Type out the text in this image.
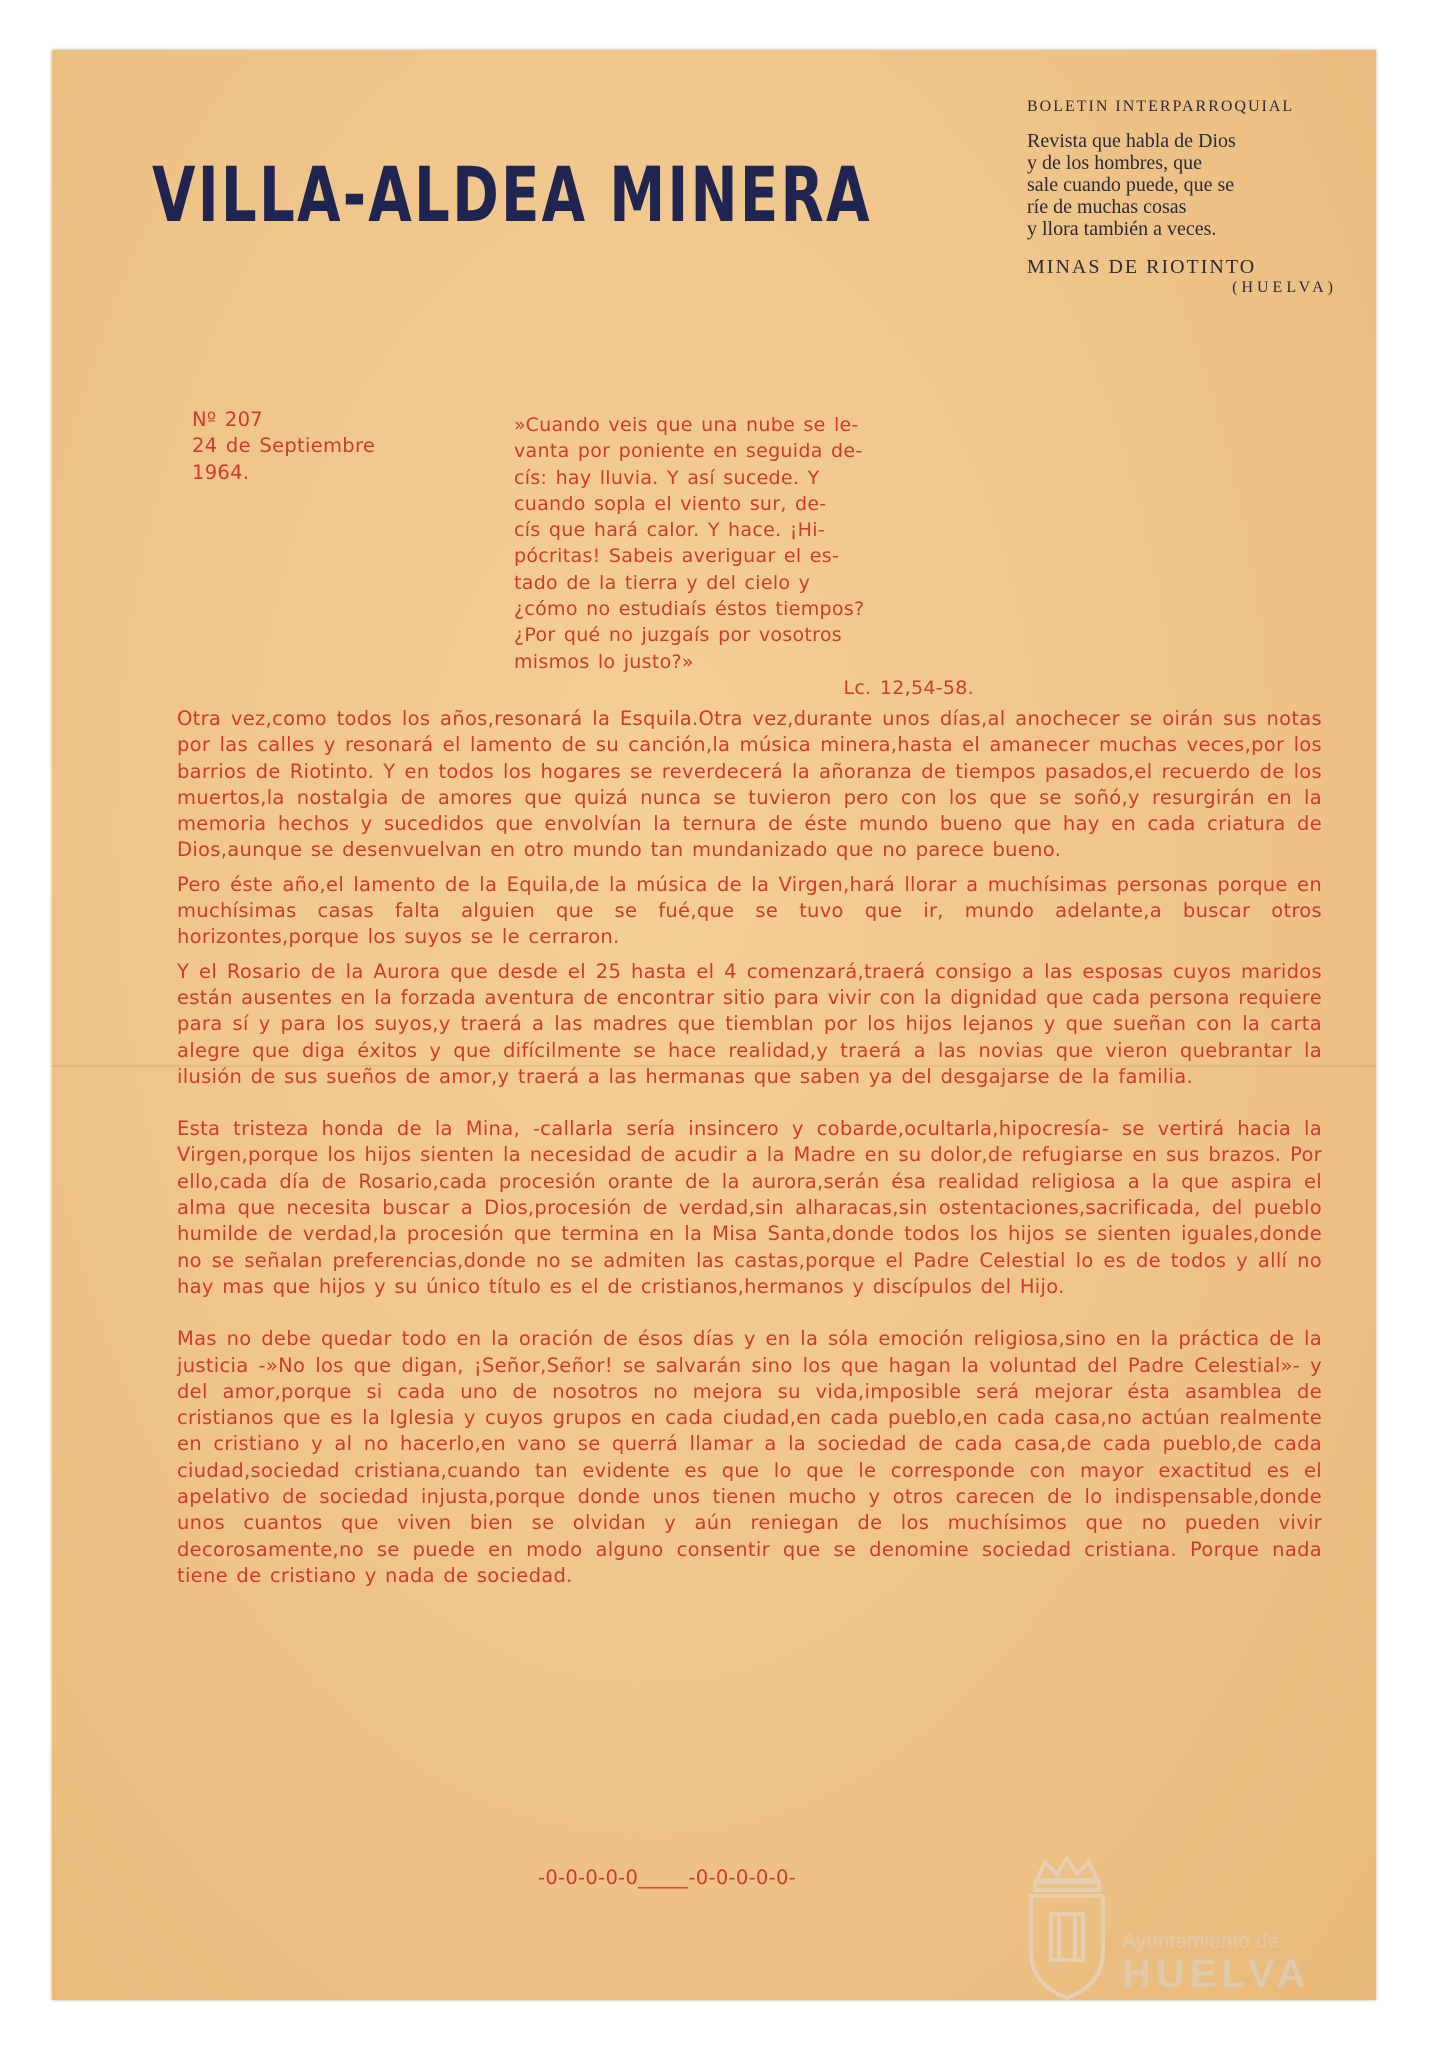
VILLA-ALDEA MINERA
BOLETIN INTERPARROQUIAL
Revista que habla de Dios
y de los hombres, que
sale cuando puede, que se
ríe de muchas cosas
y llora también a veces.
MINAS DE RIOTINTO
(HUELVA)
Nº 207
24 de Septiembre
1964.
»Cuando veis que una nube se le-
vanta por poniente en seguida de-
cís: hay lluvia. Y así sucede. Y
cuando sopla el viento sur, de-
cís que hará calor. Y hace. ¡Hi-
pócritas! Sabeis averiguar el es-
tado de la tierra y del cielo y
¿cómo no estudiaís éstos tiempos?
¿Por qué no juzgaís por vosotros
mismos lo justo?»
Lc. 12,54-58.

Otra vez,como todos los años,resonará la Esquila.Otra vez,durante unos días,al anochecer se oirán sus notas por las calles y resonará el lamento de su canción,la música minera,hasta el amanecer muchas veces,por los barrios de Riotinto. Y en todos los hogares se reverdecerá la añoranza de tiempos pasados,el recuerdo de los muertos,la nostalgia de amores que quizá nunca se tuvieron pero con los que se soñó,y resurgirán en la memoria hechos y sucedidos que envolvían la ternura de éste mundo bueno que hay en cada criatura de Dios,aunque se desenvuelvan en otro mundo tan mundanizado que no parece bueno.

Pero éste año,el lamento de la Equila,de la música de la Virgen,hará llorar a muchísimas personas porque en muchísimas casas falta alguien que se fué,que se tuvo que ir, mundo adelante,a buscar otros horizontes,porque los suyos se le cerraron.

Y el Rosario de la Aurora que desde el 25 hasta el 4 comenzará,traerá consigo a las esposas cuyos maridos están ausentes en la forzada aventura de encontrar sitio para vivir con la dignidad que cada persona requiere para sí y para los suyos,y traerá a las madres que tiemblan por los hijos lejanos y que sueñan con la carta alegre que diga éxitos y que difícilmente se hace realidad,y traerá a las novias que vieron quebrantar la ilusión de sus sueños de amor,y traerá a las hermanas que saben ya del desgajarse de la familia.

Esta tristeza honda de la Mina, -callarla sería insincero y cobarde,ocultarla,hipocresía- se vertirá hacia la Virgen,porque los hijos sienten la necesidad de acudir a la Madre en su dolor,de refugiarse en sus brazos. Por ello,cada día de Rosario,cada procesión orante de la aurora,serán ésa realidad religiosa a la que aspira el alma que necesita buscar a Dios,procesión de verdad,sin alharacas,sin ostentaciones,sacrificada, del pueblo humilde de verdad,la procesión que termina en la Misa Santa,donde todos los hijos se sienten iguales,donde no se señalan preferencias,donde no se admiten las castas,porque el Padre Celestial lo es de todos y allí no hay mas que hijos y su único título es el de cristianos,hermanos y discípulos del Hijo.

Mas no debe quedar todo en la oración de ésos días y en la sóla emoción religiosa,sino en la práctica de la justicia -»No los que digan, ¡Señor,Señor! se salvarán sino los que hagan la voluntad del Padre Celestial»- y del amor,porque si cada uno de nosotros no mejora su vida,imposible será mejorar ésta asamblea de cristianos que es la Iglesia y cuyos grupos en cada ciudad,en cada pueblo,en cada casa,no actúan realmente en cristiano y al no hacerlo,en vano se querrá llamar a la sociedad de cada casa,de cada pueblo,de cada ciudad,sociedad cristiana,cuando tan evidente es que lo que le corresponde con mayor exactitud es el apelativo de sociedad injusta,porque donde unos tienen mucho y otros carecen de lo indispensable,donde unos cuantos que viven bien se olvidan y aún reniegan de los muchísimos que no pueden vivir decorosamente,no se puede en modo alguno consentir que se denomine sociedad cristiana. Porque nada tiene de cristiano y nada de sociedad.

-0-0-0-0-0_____-0-0-0-0-0-
Ayuntamiento de
HUELVA
